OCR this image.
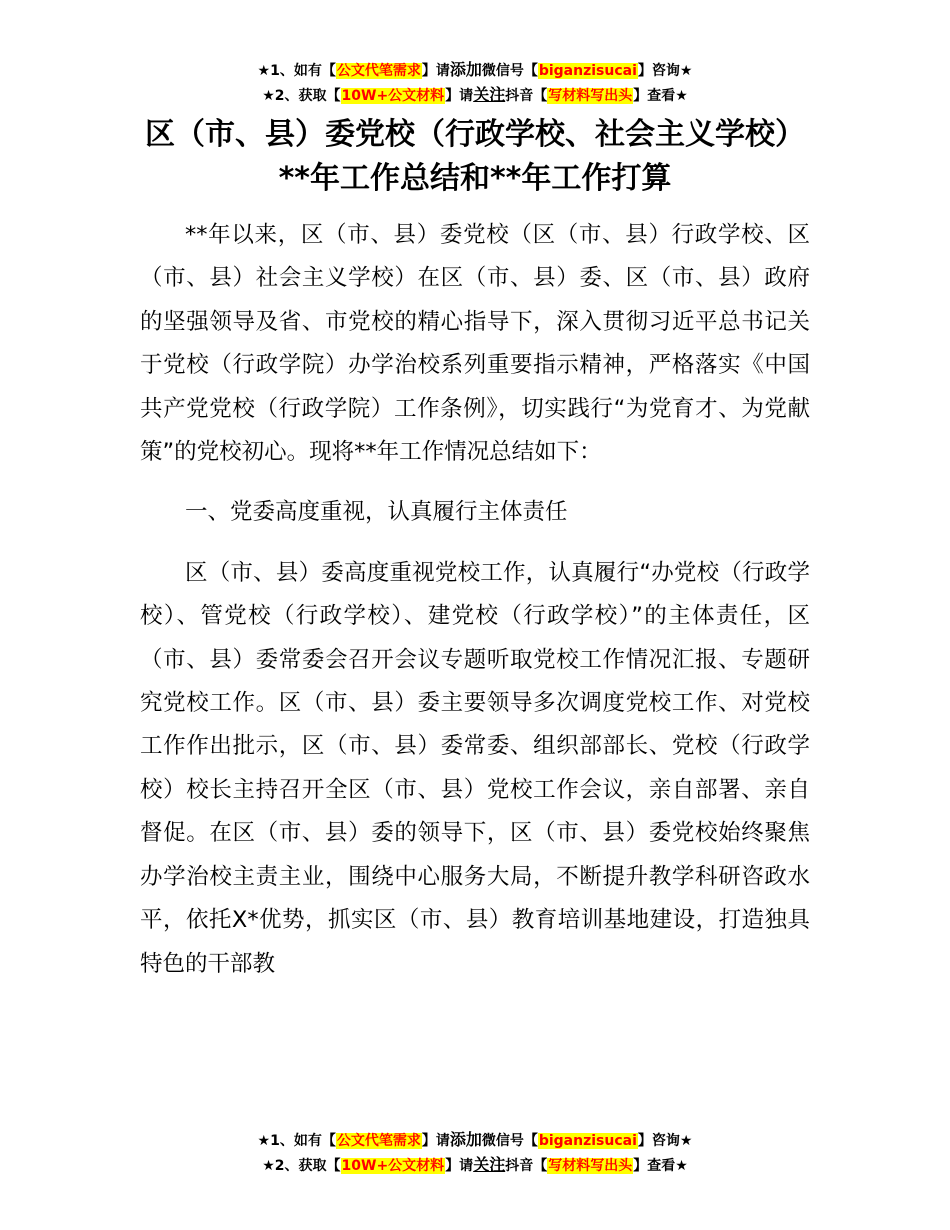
★1、如有【公文代笔需求】请添加微信号【biganzisucai】咨询★
★2、获取【10W+公文材料】请关注抖音【写材料写出头】查看★
区（市、县）委党校（行政学校、社会主义学校）**年工作总结和**年工作打算

**年以来，区（市、县）委党校（区（市、县）行政学校、区（市、县）社会主义学校）在区（市、县）委、区（市、县）政府的坚强领导及省、市党校的精心指导下，深入贯彻习近平总书记关于党校（行政学院）办学治校系列重要指示精神，严格落实《中国共产党党校（行政学院）工作条例》，切实践行“为党育才、为党献策”的党校初心。现将**年工作情况总结如下：

一、党委高度重视，认真履行主体责任

区（市、县）委高度重视党校工作，认真履行“办党校（行政学校）、管党校（行政学校）、建党校（行政学校）”的主体责任，区（市、县）委常委会召开会议专题听取党校工作情况汇报、专题研究党校工作。区（市、县）委主要领导多次调度党校工作、对党校工作作出批示，区（市、县）委常委、组织部部长、党校（行政学校）校长主持召开全区（市、县）党校工作会议，亲自部署、亲自督促。在区（市、县）委的领导下，区（市、县）委党校始终聚焦办学治校主责主业，围绕中心服务大局，不断提升教学科研咨政水平，依托X*优势，抓实区（市、县）教育培训基地建设，打造独具特色的干部教

★1、如有【公文代笔需求】请添加微信号【biganzisucai】咨询★
★2、获取【10W+公文材料】请关注抖音【写材料写出头】查看★
